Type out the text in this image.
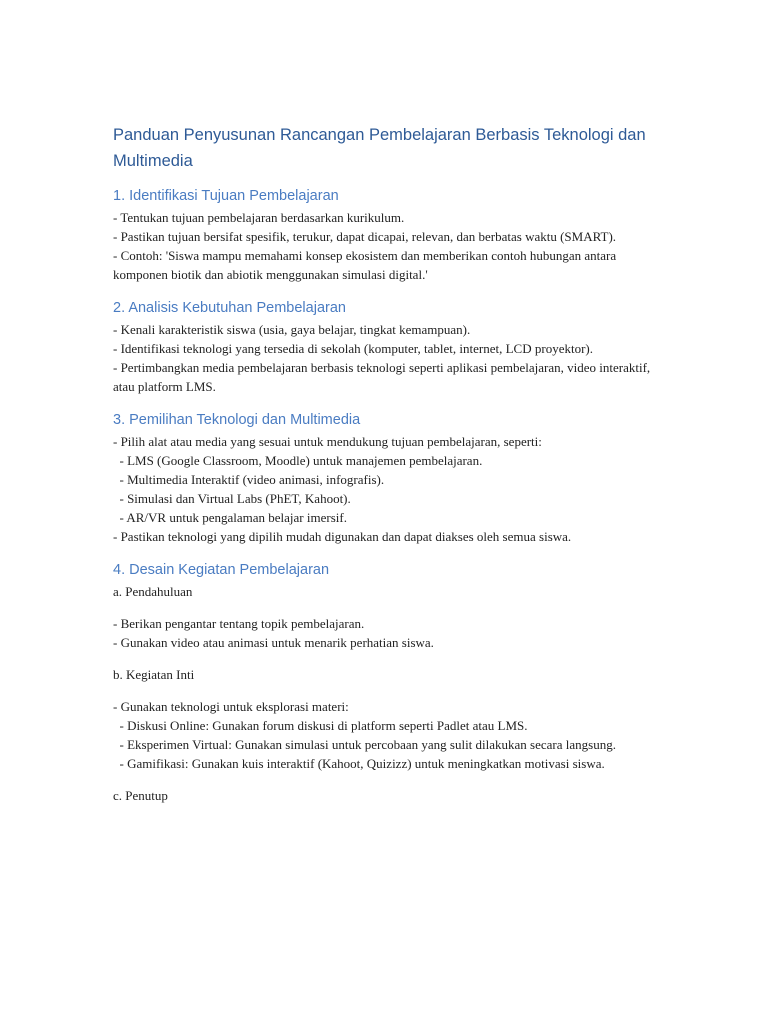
Panduan Penyusunan Rancangan Pembelajaran Berbasis Teknologi dan Multimedia
1. Identifikasi Tujuan Pembelajaran

- Tentukan tujuan pembelajaran berdasarkan kurikulum.

- Pastikan tujuan bersifat spesifik, terukur, dapat dicapai, relevan, dan berbatas waktu (SMART).

- Contoh: 'Siswa mampu memahami konsep ekosistem dan memberikan contoh hubungan antara komponen biotik dan abiotik menggunakan simulasi digital.'

2. Analisis Kebutuhan Pembelajaran

- Kenali karakteristik siswa (usia, gaya belajar, tingkat kemampuan).

- Identifikasi teknologi yang tersedia di sekolah (komputer, tablet, internet, LCD proyektor).

- Pertimbangkan media pembelajaran berbasis teknologi seperti aplikasi pembelajaran, video interaktif, atau platform LMS.

3. Pemilihan Teknologi dan Multimedia

- Pilih alat atau media yang sesuai untuk mendukung tujuan pembelajaran, seperti:

- LMS (Google Classroom, Moodle) untuk manajemen pembelajaran.

- Multimedia Interaktif (video animasi, infografis).

- Simulasi dan Virtual Labs (PhET, Kahoot).

- AR/VR untuk pengalaman belajar imersif.

- Pastikan teknologi yang dipilih mudah digunakan dan dapat diakses oleh semua siswa.

4. Desain Kegiatan Pembelajaran

a. Pendahuluan

- Berikan pengantar tentang topik pembelajaran.

- Gunakan video atau animasi untuk menarik perhatian siswa.

b. Kegiatan Inti

- Gunakan teknologi untuk eksplorasi materi:

- Diskusi Online: Gunakan forum diskusi di platform seperti Padlet atau LMS.

- Eksperimen Virtual: Gunakan simulasi untuk percobaan yang sulit dilakukan secara langsung.

- Gamifikasi: Gunakan kuis interaktif (Kahoot, Quizizz) untuk meningkatkan motivasi siswa.

c. Penutup
